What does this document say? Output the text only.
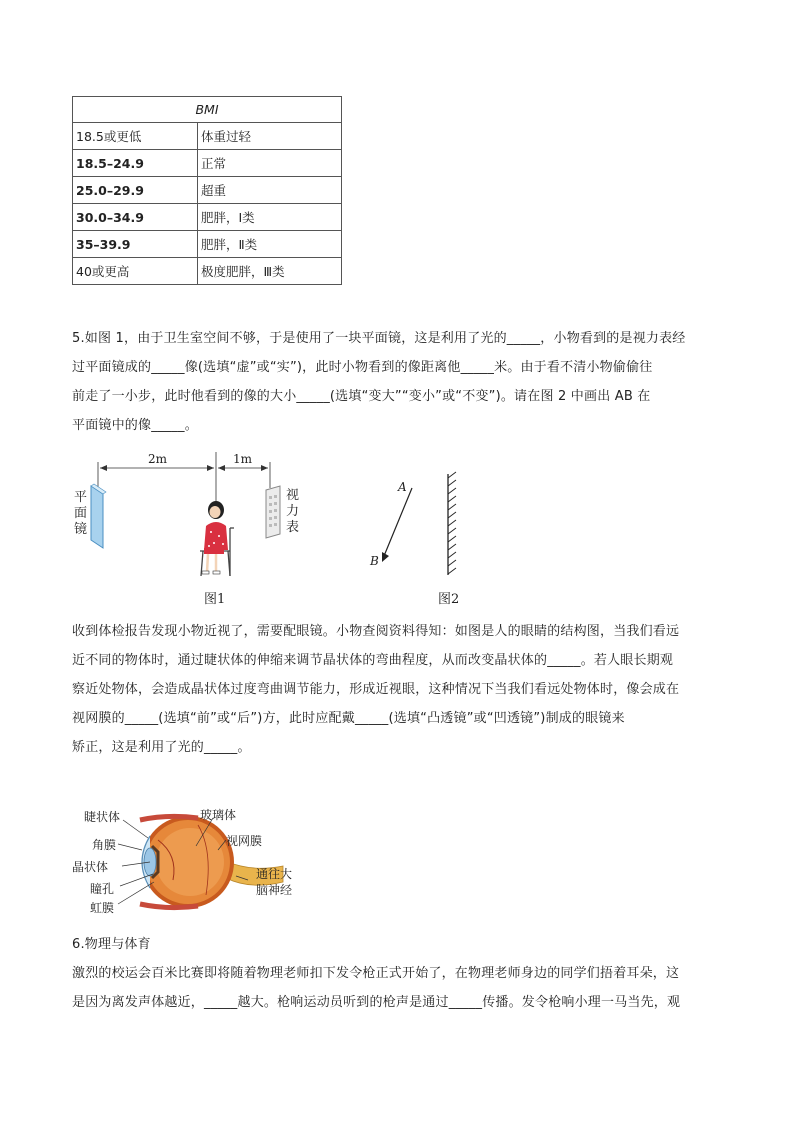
BMI	
18.5或更低	体重过轻
18.5–24.9	正常
25.0–29.9	超重
30.0–34.9	肥胖，Ⅰ类
35–39.9	肥胖，Ⅱ类
40或更高	极度肥胖，Ⅲ类

5.如图 1，由于卫生室空间不够，于是使用了一块平面镜，这是利用了光的_____，小物看到的是视力表经

过平面镜成的_____像(选填“虚”或“实”)，此时小物看到的像距离他_____米。由于看不清小物偷偷往

前走了一小步，此时他看到的像的大小_____(选填“变大”“变小”或“不变”)。请在图 2 中画出 AB 在

平面镜中的像_____。

2m	1m
平
面
镜
视
力
表
图1
A
B
图2

收到体检报告发现小物近视了，需要配眼镜。小物查阅资料得知：如图是人的眼睛的结构图，当我们看远

近不同的物体时，通过睫状体的伸缩来调节晶状体的弯曲程度，从而改变晶状体的_____。若人眼长期观

察近处物体，会造成晶状体过度弯曲调节能力，形成近视眼，这种情况下当我们看远处物体时，像会成在

视网膜的_____(选填“前”或“后”)方，此时应配戴_____(选填“凸透镜”或“凹透镜”)制成的眼镜来

矫正，这是利用了光的_____。

睫状体
角膜
晶状体
瞳孔
虹膜
玻璃体
视网膜
通往大
脑神经

6.物理与体育

激烈的校运会百米比赛即将随着物理老师扣下发令枪正式开始了，在物理老师身边的同学们捂着耳朵，这

是因为离发声体越近，_____越大。枪响运动员听到的枪声是通过_____传播。发令枪响小理一马当先，观
